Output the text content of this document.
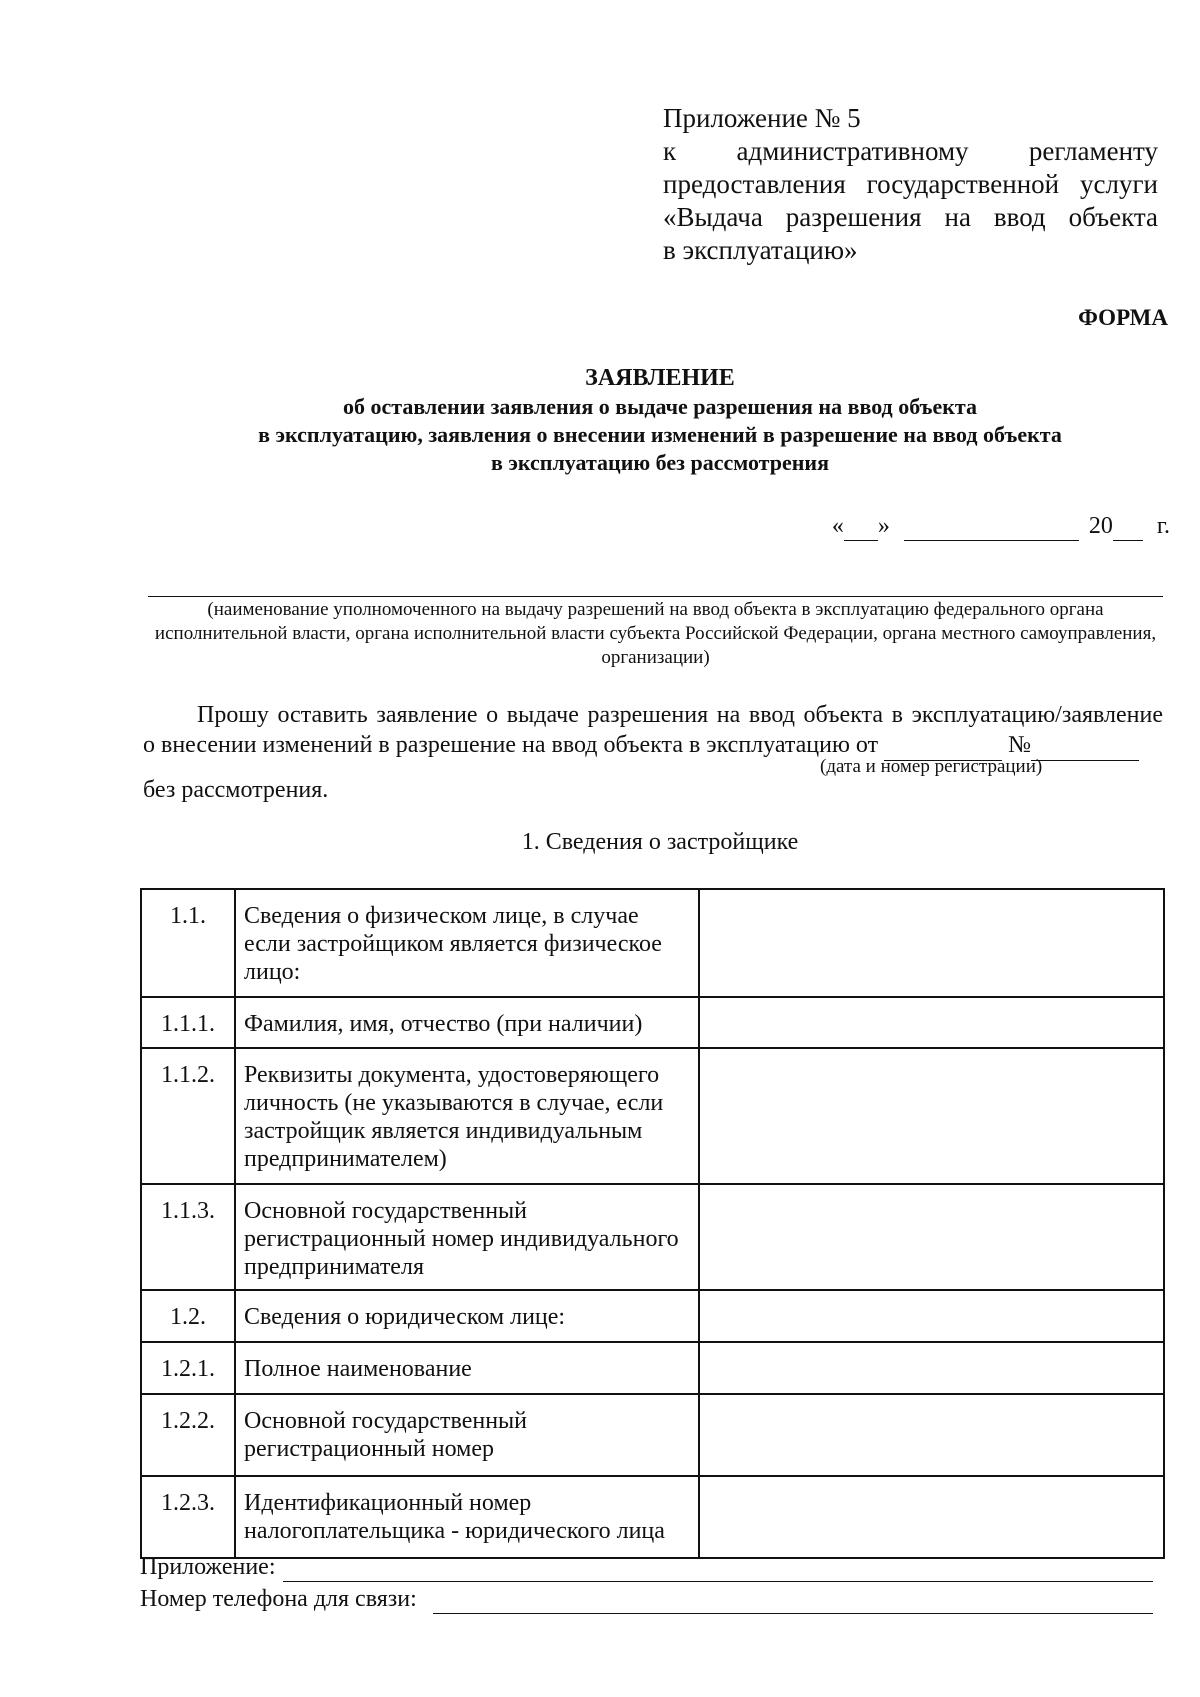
Приложение № 5
к административному регламенту
предоставления государственной услуги
«Выдача разрешения на ввод объекта
в эксплуатацию»
ФОРМА
ЗАЯВЛЕНИЕ
об оставлении заявления о выдаче разрешения на ввод объекта
в эксплуатацию, заявления о внесении изменений в разрешение на ввод объекта
в эксплуатацию без рассмотрения
« »	20 г.
(наименование уполномоченного на выдачу разрешений на ввод объекта в эксплуатацию федерального органа исполнительной власти, органа исполнительной власти субъекта Российской Федерации, органа местного самоуправления, организации)
Прошу оставить заявление о выдаче разрешения на ввод объекта в эксплуатацию/заявление
о внесении изменений в разрешение на ввод объекта в эксплуатацию от	№
(дата и номер регистрации)
без рассмотрения.
1. Сведения о застройщике
1.1.	Сведения о физическом лице, в случае если застройщиком является физическое лицо:	
1.1.1.	Фамилия, имя, отчество (при наличии)	
1.1.2.	Реквизиты документа, удостоверяющего личность (не указываются в случае, если застройщик является индивидуальным предпринимателем)	
1.1.3.	Основной государственный регистрационный номер индивидуального предпринимателя	
1.2.	Сведения о юридическом лице:	
1.2.1.	Полное наименование	
1.2.2.	Основной государственный регистрационный номер	
1.2.3.	Идентификационный номер налогоплательщика - юридического лица	
Приложение:
Номер телефона для связи:
